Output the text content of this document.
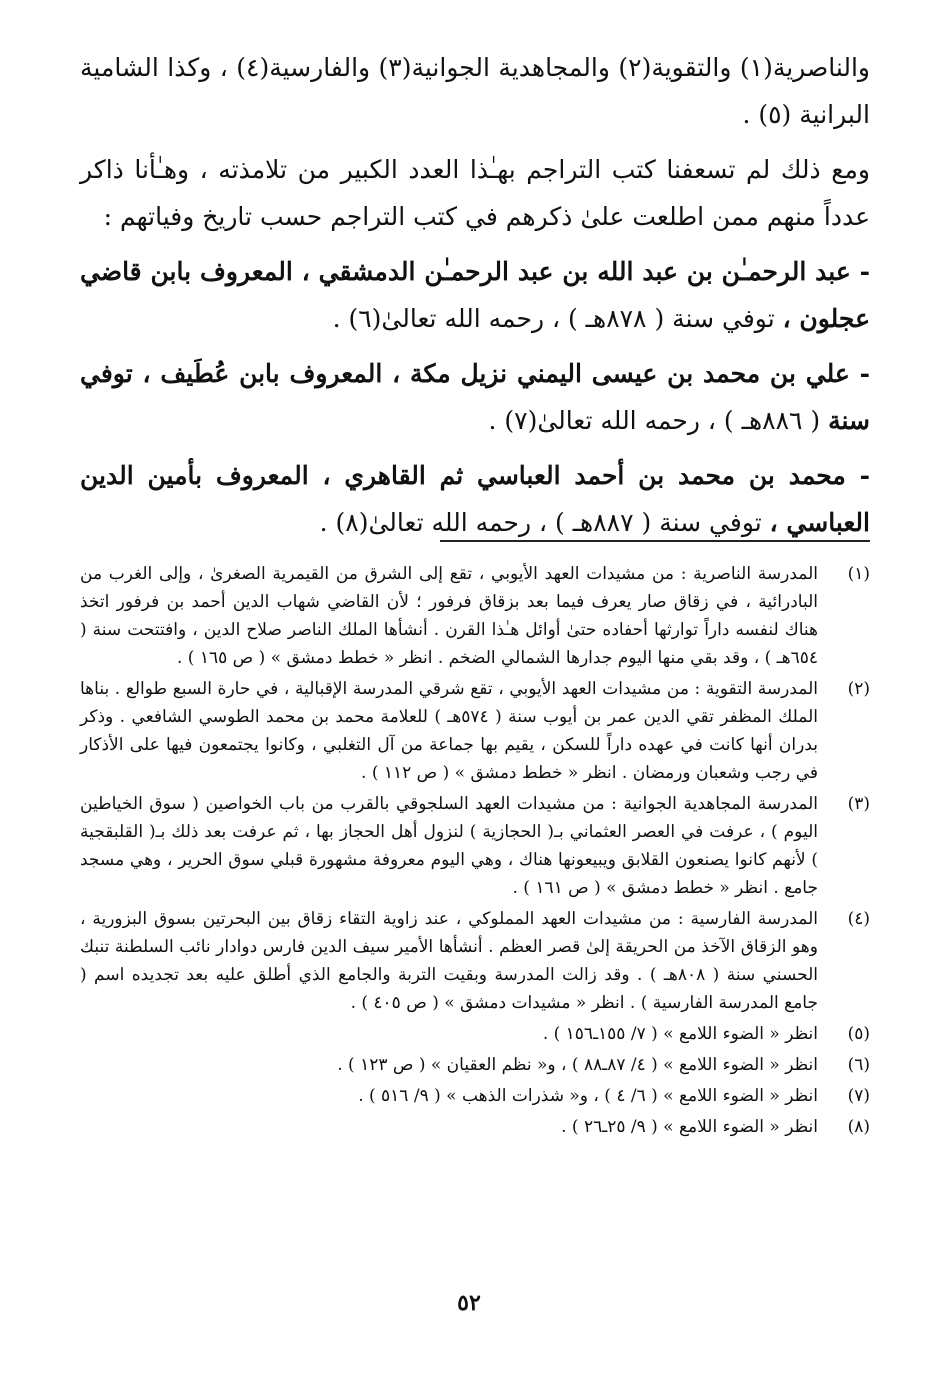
والناصرية(١) والتقوية(٢) والمجاهدية الجوانية(٣) والفارسية(٤) ، وكذا الشامية البرانية (٥) .

ومع ذلك لم تسعفنا كتب التراجم بهـٰذا العدد الكبير من تلامذته ، وهـٰأنا ذاكر عدداً منهم ممن اطلعت علىٰ ذكرهم في كتب التراجم حسب تاريخ وفياتهم :

- عبد الرحمـٰن بن عبد الله بن عبد الرحمـٰن الدمشقي ، المعروف بابن قاضي عجلون ، توفي سنة ( ٨٧٨هـ ) ، رحمه الله تعالىٰ(٦) .

- علي بن محمد بن عيسى اليمني نزيل مكة ، المعروف بابن عُطَيف ، توفي سنة ( ٨٨٦هـ ) ، رحمه الله تعالىٰ(٧) .

- محمد بن محمد بن أحمد العباسي ثم القاهري ، المعروف بأمين الدين العباسي ، توفي سنة ( ٨٨٧هـ ) ، رحمه الله تعالىٰ(٨) .

(١)
المدرسة الناصرية : من مشيدات العهد الأيوبي ، تقع إلى الشرق من القيمرية الصغرىٰ ، وإلى الغرب من البادرائية ، في زقاق صار يعرف فيما بعد بزقاق فرفور ؛ لأن القاضي شهاب الدين أحمد بن فرفور اتخذ هناك لنفسه داراً توارثها أحفاده حتىٰ أوائل هـٰذا القرن . أنشأها الملك الناصر صلاح الدين ، وافتتحت سنة ( ٦٥٤هـ ) ، وقد بقي منها اليوم جدارها الشمالي الضخم . انظر « خطط دمشق » ( ص ١٦٥ ) .
(٢)
المدرسة التقوية : من مشيدات العهد الأيوبي ، تقع شرقي المدرسة الإقبالية ، في حارة السبع طوالع . بناها الملك المظفر تقي الدين عمر بن أيوب سنة ( ٥٧٤هـ ) للعلامة محمد بن محمد الطوسي الشافعي . وذكر بدران أنها كانت في عهده داراً للسكن ، يقيم بها جماعة من آل التغلبي ، وكانوا يجتمعون فيها على الأذكار في رجب وشعبان ورمضان . انظر « خطط دمشق » ( ص ١١٢ ) .
(٣)
المدرسة المجاهدية الجوانية : من مشيدات العهد السلجوقي بالقرب من باب الخواصين ( سوق الخياطين اليوم ) ، عرفت في العصر العثماني بـ( الحجازية ) لنزول أهل الحجاز بها ، ثم عرفت بعد ذلك بـ( القلبقجية ) لأنهم كانوا يصنعون القلابق ويبيعونها هناك ، وهي اليوم معروفة مشهورة قبلي سوق الحرير ، وهي مسجد جامع . انظر « خطط دمشق » ( ص ١٦١ ) .
(٤)
المدرسة الفارسية : من مشيدات العهد المملوكي ، عند زاوية التقاء زقاق بين البحرتين بسوق البزورية ، وهو الزقاق الآخذ من الحريقة إلىٰ قصر العظم . أنشأها الأمير سيف الدين فارس دوادار نائب السلطنة تنبك الحسني سنة ( ٨٠٨هـ ) . وقد زالت المدرسة وبقيت التربة والجامع الذي أطلق عليه بعد تجديده اسم ( جامع المدرسة الفارسية ) . انظر « مشيدات دمشق » ( ص ٤٠٥ ) .
(٥)
انظر « الضوء اللامع » ( ٧/ ١٥٥ـ١٥٦ ) .
(٦)
انظر « الضوء اللامع » ( ٤/ ٨٧ـ٨٨ ) ، و« نظم العقيان » ( ص ١٢٣ ) .
(٧)
انظر « الضوء اللامع » ( ٦/ ٤ ) ، و« شذرات الذهب » ( ٩/ ٥١٦ ) .
(٨)
انظر « الضوء اللامع » ( ٩/ ٢٥ـ٢٦ ) .
٥٢
